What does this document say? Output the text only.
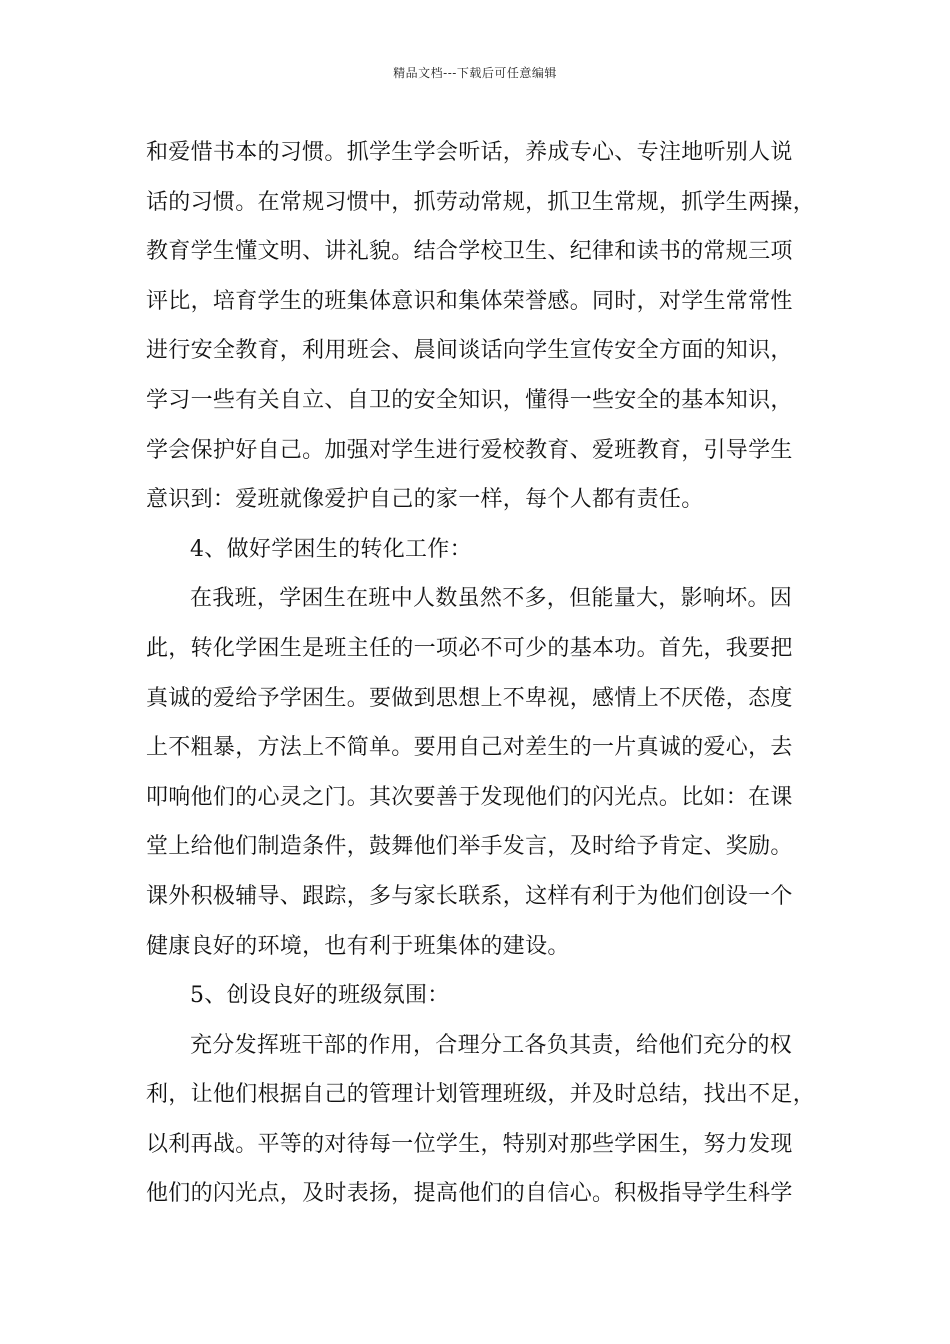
精品文档---下载后可任意编辑
和爱惜书本的习惯。抓学生学会听话，养成专心、专注地听别人说
话的习惯。在常规习惯中，抓劳动常规，抓卫生常规，抓学生两操，
教育学生懂文明、讲礼貌。结合学校卫生、纪律和读书的常规三项
评比，培育学生的班集体意识和集体荣誉感。同时，对学生常常性
进行安全教育，利用班会、晨间谈话向学生宣传安全方面的知识，
学习一些有关自立、自卫的安全知识，懂得一些安全的基本知识，
学会保护好自己。加强对学生进行爱校教育、爱班教育，引导学生
意识到：爱班就像爱护自己的家一样，每个人都有责任。
4、做好学困生的转化工作：
在我班，学困生在班中人数虽然不多，但能量大，影响坏。因
此，转化学困生是班主任的一项必不可少的基本功。首先，我要把
真诚的爱给予学困生。要做到思想上不卑视，感情上不厌倦，态度
上不粗暴，方法上不简单。要用自己对差生的一片真诚的爱心，去
叩响他们的心灵之门。其次要善于发现他们的闪光点。比如：在课
堂上给他们制造条件，鼓舞他们举手发言，及时给予肯定、奖励。
课外积极辅导、跟踪，多与家长联系，这样有利于为他们创设一个
健康良好的环境，也有利于班集体的建设。
5、创设良好的班级氛围：
充分发挥班干部的作用，合理分工各负其责，给他们充分的权
利，让他们根据自己的管理计划管理班级，并及时总结，找出不足，
以利再战。平等的对待每一位学生，特别对那些学困生，努力发现
他们的闪光点，及时表扬，提高他们的自信心。积极指导学生科学
